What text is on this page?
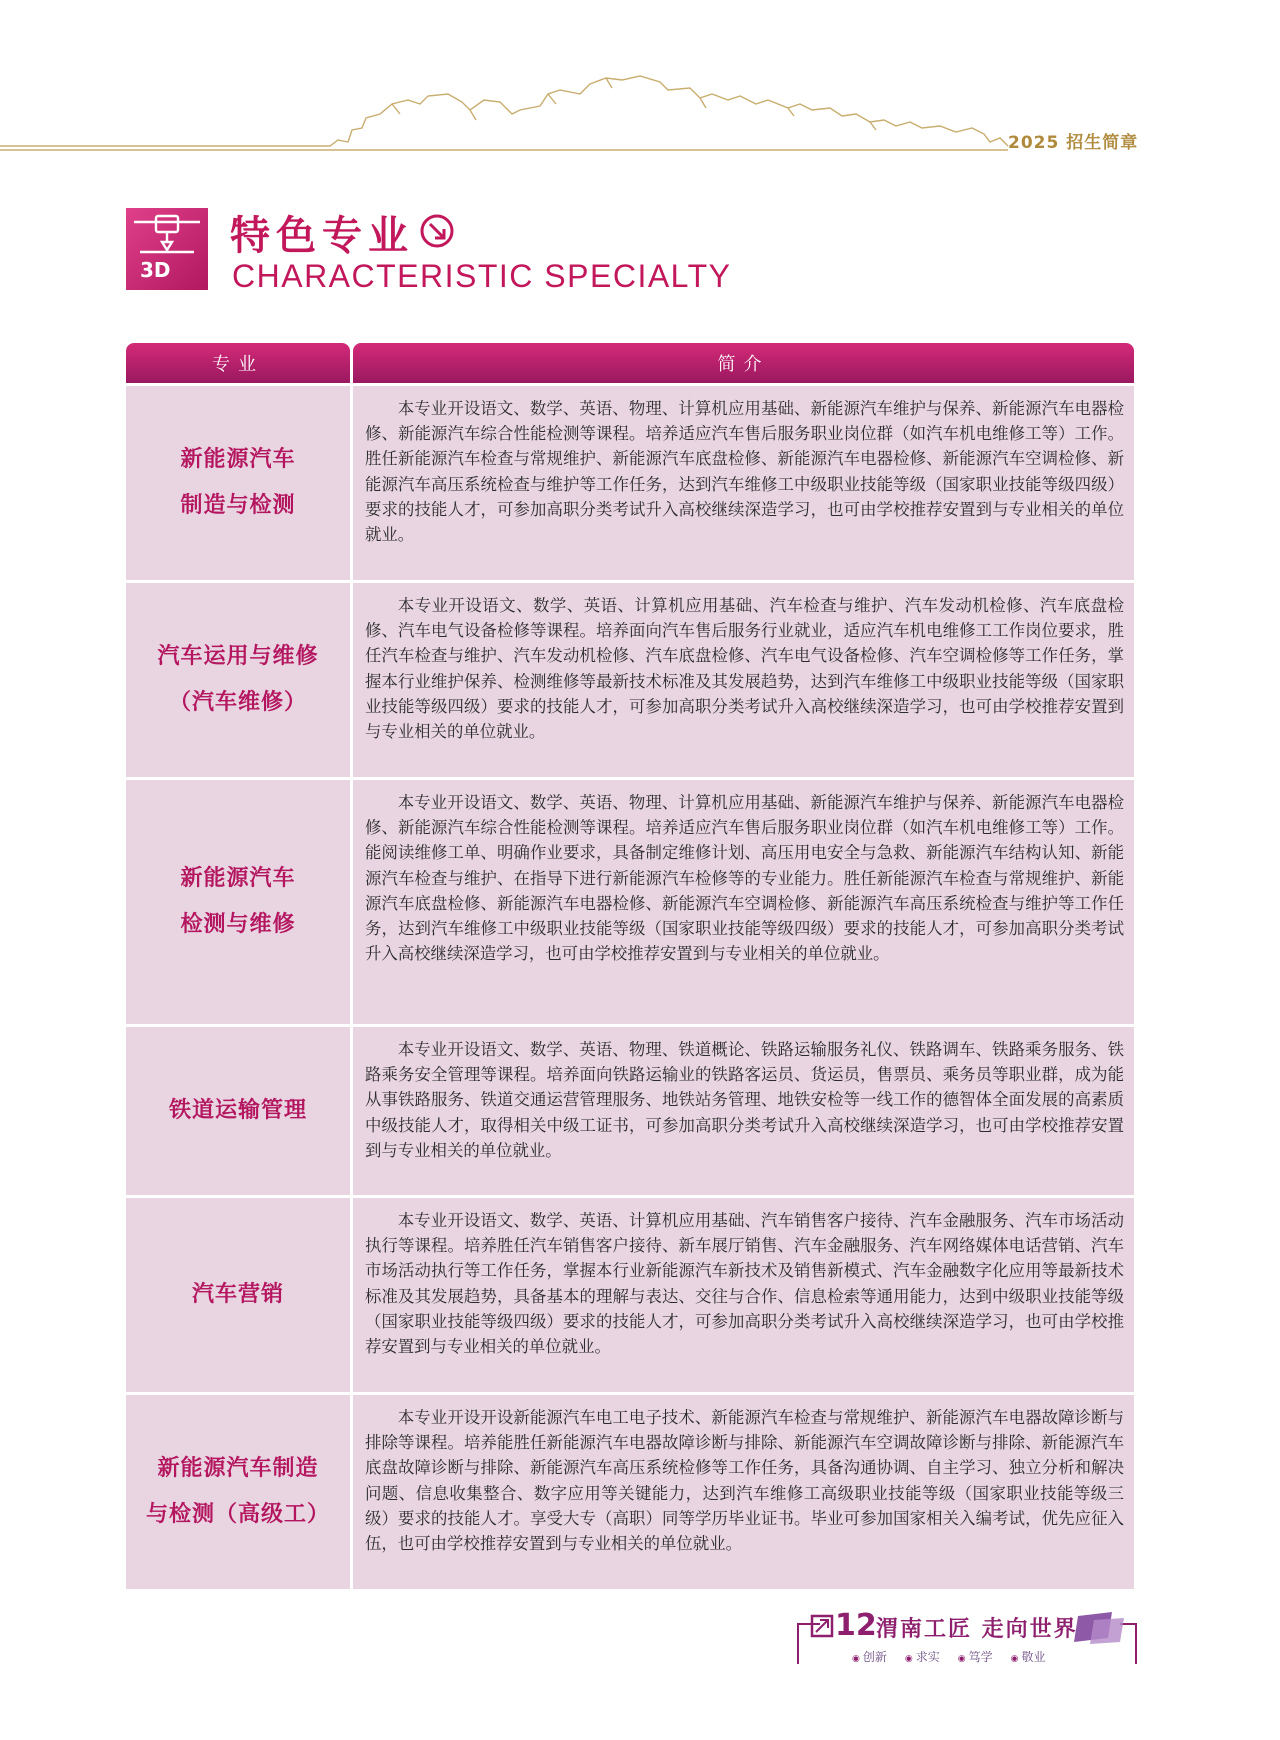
2025 招生简章
3D
特色专业
CHARACTERISTIC SPECIALTY
专业	简介
新能源汽车
制造与检测
本专业开设语文、数学、英语、物理、计算机应用基础、新能源汽车维护与保养、新能源汽车电器检修、新能源汽车综合性能检测等课程。培养适应汽车售后服务职业岗位群（如汽车机电维修工等）工作。胜任新能源汽车检查与常规维护、新能源汽车底盘检修、新能源汽车电器检修、新能源汽车空调检修、新能源汽车高压系统检查与维护等工作任务，达到汽车维修工中级职业技能等级（国家职业技能等级四级）要求的技能人才，可参加高职分类考试升入高校继续深造学习，也可由学校推荐安置到与专业相关的单位就业。
汽车运用与维修
（汽车维修）
本专业开设语文、数学、英语、计算机应用基础、汽车检查与维护、汽车发动机检修、汽车底盘检修、汽车电气设备检修等课程。培养面向汽车售后服务行业就业，适应汽车机电维修工工作岗位要求，胜任汽车检查与维护、汽车发动机检修、汽车底盘检修、汽车电气设备检修、汽车空调检修等工作任务，掌握本行业维护保养、检测维修等最新技术标准及其发展趋势，达到汽车维修工中级职业技能等级（国家职业技能等级四级）要求的技能人才，可参加高职分类考试升入高校继续深造学习，也可由学校推荐安置到与专业相关的单位就业。
新能源汽车
检测与维修
本专业开设语文、数学、英语、物理、计算机应用基础、新能源汽车维护与保养、新能源汽车电器检修、新能源汽车综合性能检测等课程。培养适应汽车售后服务职业岗位群（如汽车机电维修工等）工作。能阅读维修工单、明确作业要求，具备制定维修计划、高压用电安全与急救、新能源汽车结构认知、新能源汽车检查与维护、在指导下进行新能源汽车检修等的专业能力。胜任新能源汽车检查与常规维护、新能源汽车底盘检修、新能源汽车电器检修、新能源汽车空调检修、新能源汽车高压系统检查与维护等工作任务，达到汽车维修工中级职业技能等级（国家职业技能等级四级）要求的技能人才，可参加高职分类考试升入高校继续深造学习，也可由学校推荐安置到与专业相关的单位就业。
铁道运输管理
本专业开设语文、数学、英语、物理、铁道概论、铁路运输服务礼仪、铁路调车、铁路乘务服务、铁路乘务安全管理等课程。培养面向铁路运输业的铁路客运员、货运员，售票员、乘务员等职业群，成为能从事铁路服务、铁道交通运营管理服务、地铁站务管理、地铁安检等一线工作的德智体全面发展的高素质中级技能人才，取得相关中级工证书，可参加高职分类考试升入高校继续深造学习，也可由学校推荐安置到与专业相关的单位就业。
汽车营销
本专业开设语文、数学、英语、计算机应用基础、汽车销售客户接待、汽车金融服务、汽车市场活动执行等课程。培养胜任汽车销售客户接待、新车展厅销售、汽车金融服务、汽车网络媒体电话营销、汽车市场活动执行等工作任务，掌握本行业新能源汽车新技术及销售新模式、汽车金融数字化应用等最新技术标准及其发展趋势，具备基本的理解与表达、交往与合作、信息检索等通用能力，达到中级职业技能等级（国家职业技能等级四级）要求的技能人才，可参加高职分类考试升入高校继续深造学习，也可由学校推荐安置到与专业相关的单位就业。
新能源汽车制造
与检测（高级工）
本专业开设开设新能源汽车电工电子技术、新能源汽车检查与常规维护、新能源汽车电器故障诊断与排除等课程。培养能胜任新能源汽车电器故障诊断与排除、新能源汽车空调故障诊断与排除、新能源汽车底盘故障诊断与排除、新能源汽车高压系统检修等工作任务，具备沟通协调、自主学习、独立分析和解决问题、信息收集整合、数字应用等关键能力，达到汽车维修工高级职业技能等级（国家职业技能等级三级）要求的技能人才。享受大专（高职）同等学历毕业证书。毕业可参加国家相关入编考试，优先应征入伍，也可由学校推荐安置到与专业相关的单位就业。
12 渭南工匠 走向世界
◉ 创新	◉ 求实	◉ 笃学	◉ 敬业
